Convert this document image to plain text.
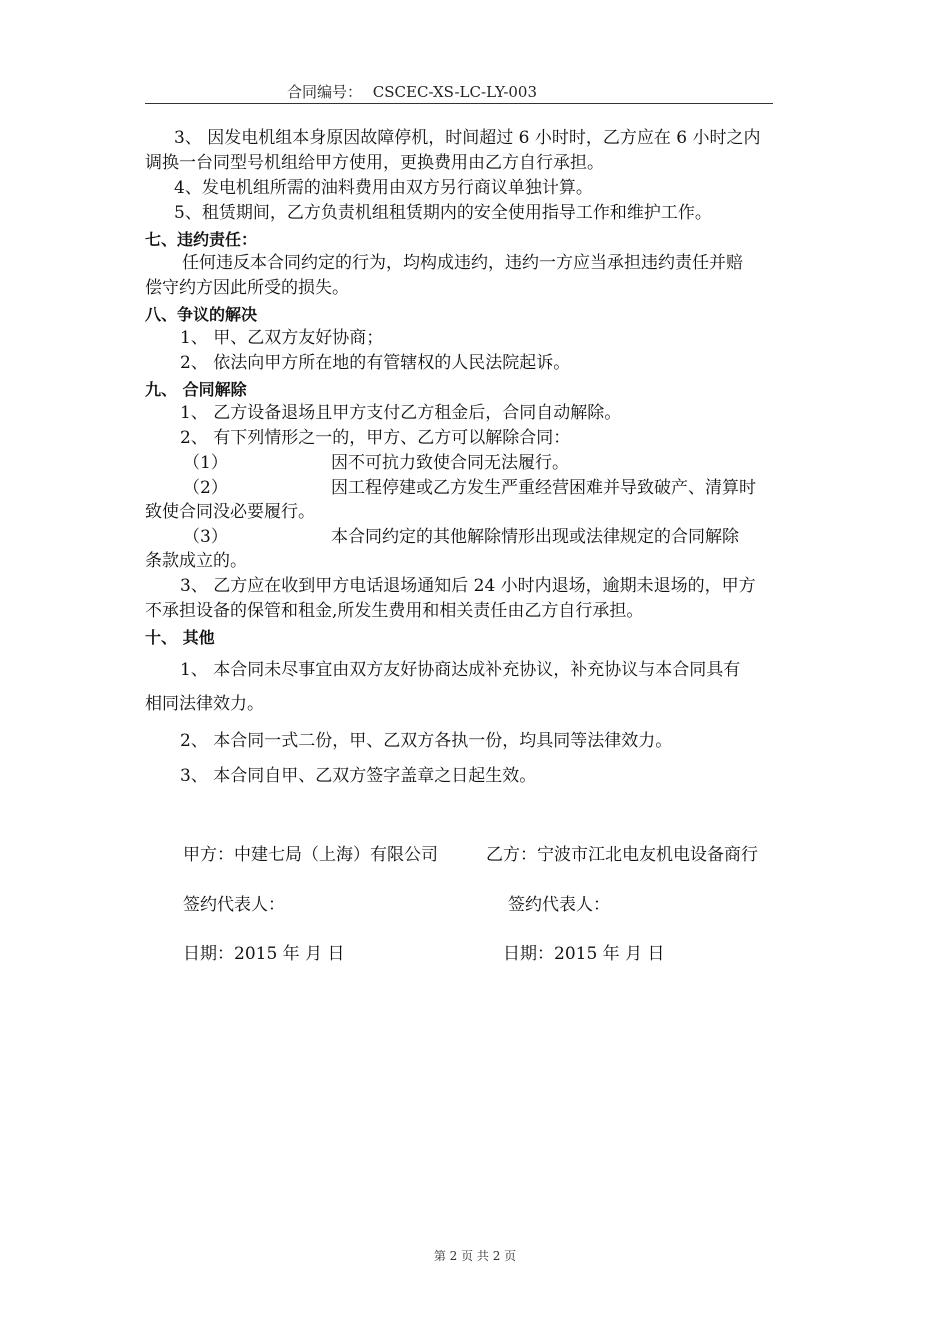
合同编号： CSCEC-XS-LC-LY-003
3、 因发电机组本身原因故障停机，时间超过 6 小时时，乙方应在 6 小时之内
调换一台同型号机组给甲方使用，更换费用由乙方自行承担。
4、发电机组所需的油料费用由双方另行商议单独计算。
5、租赁期间，乙方负责机组租赁期内的安全使用指导工作和维护工作。
七、违约责任：
任何违反本合同约定的行为，均构成违约，违约一方应当承担违约责任并赔
偿守约方因此所受的损失。
八、争议的解决
1、 甲、乙双方友好协商；
2、 依法向甲方所在地的有管辖权的人民法院起诉。
九、 合同解除
1、 乙方设备退场且甲方支付乙方租金后，合同自动解除。
2、 有下列情形之一的，甲方、乙方可以解除合同：
（1）	因不可抗力致使合同无法履行。
（2）	因工程停建或乙方发生严重经营困难并导致破产、清算时
致使合同没必要履行。
（3）	本合同约定的其他解除情形出现或法律规定的合同解除
条款成立的。
3、 乙方应在收到甲方电话退场通知后 24 小时内退场，逾期未退场的，甲方
不承担设备的保管和租金,所发生费用和相关责任由乙方自行承担。
十、 其他
1、 本合同未尽事宜由双方友好协商达成补充协议，补充协议与本合同具有
相同法律效力。
2、 本合同一式二份，甲、乙双方各执一份，均具同等法律效力。
3、 本合同自甲、乙双方签字盖章之日起生效。
甲方：中建七局（上海）有限公司	乙方：宁波市江北电友机电设备商行
签约代表人：	签约代表人：
日期：2015 年 月 日	日期：2015 年 月 日
第 2 页 共 2 页
